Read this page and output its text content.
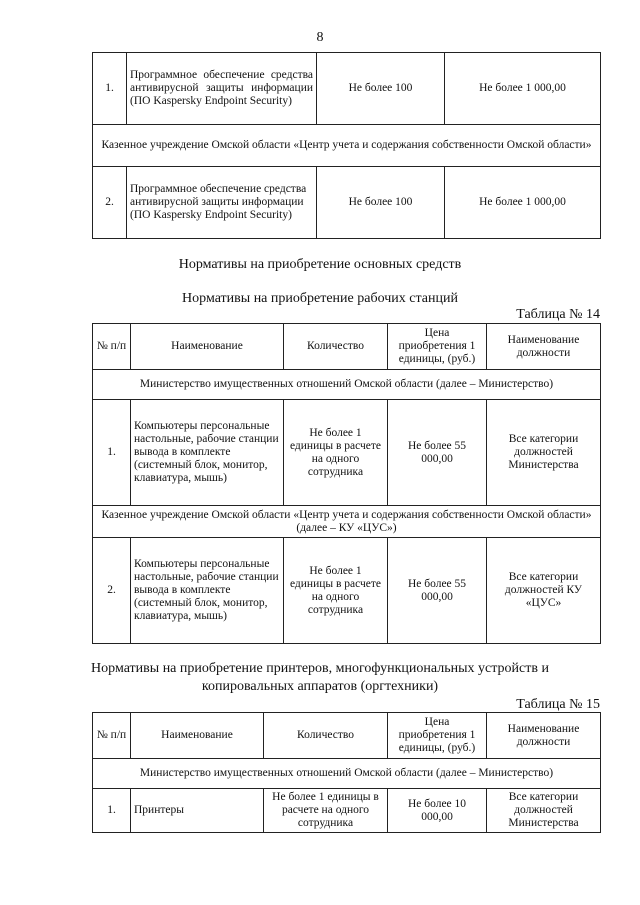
8
1.	Программное обеспечение средства антивирусной защиты информации (ПО Kaspersky Endpoint Security)	Не более 100	Не более 1 000,00
Казенное учреждение Омской области «Центр учета и содержания собственности Омской области»			
2.	Программное обеспечение средства антивирусной защиты информации (ПО Kaspersky Endpoint Security)	Не более 100	Не более 1 000,00
Нормативы на приобретение основных средств
Нормативы на приобретение рабочих станций
Таблица № 14
№ п/п	Наименование	Количество	Цена приобретения 1 единицы, (руб.)	Наименование должности
Министерство имущественных отношений Омской области (далее – Министерство)				
1.	Компьютеры персональные настольные, рабочие станции вывода в комплекте (системный блок, монитор, клавиатура, мышь)	Не более 1 единицы в расчете на одного сотрудника	Не более 55 000,00	Все категории должностей Министерства
Казенное учреждение Омской области «Центр учета и содержания собственности Омской области» (далее – КУ «ЦУС»)				
2.	Компьютеры персональные настольные, рабочие станции вывода в комплекте (системный блок, монитор, клавиатура, мышь)	Не более 1 единицы в расчете на одного сотрудника	Не более 55 000,00	Все категории должностей КУ «ЦУС»
Нормативы на приобретение принтеров, многофункциональных устройств и копировальных аппаратов (оргтехники)
Таблица № 15
№ п/п	Наименование	Количество	Цена приобретения 1 единицы, (руб.)	Наименование должности
Министерство имущественных отношений Омской области (далее – Министерство)				
1.	Принтеры	Не более 1 единицы в расчете на одного сотрудника	Не более 10 000,00	Все категории должностей Министерства
